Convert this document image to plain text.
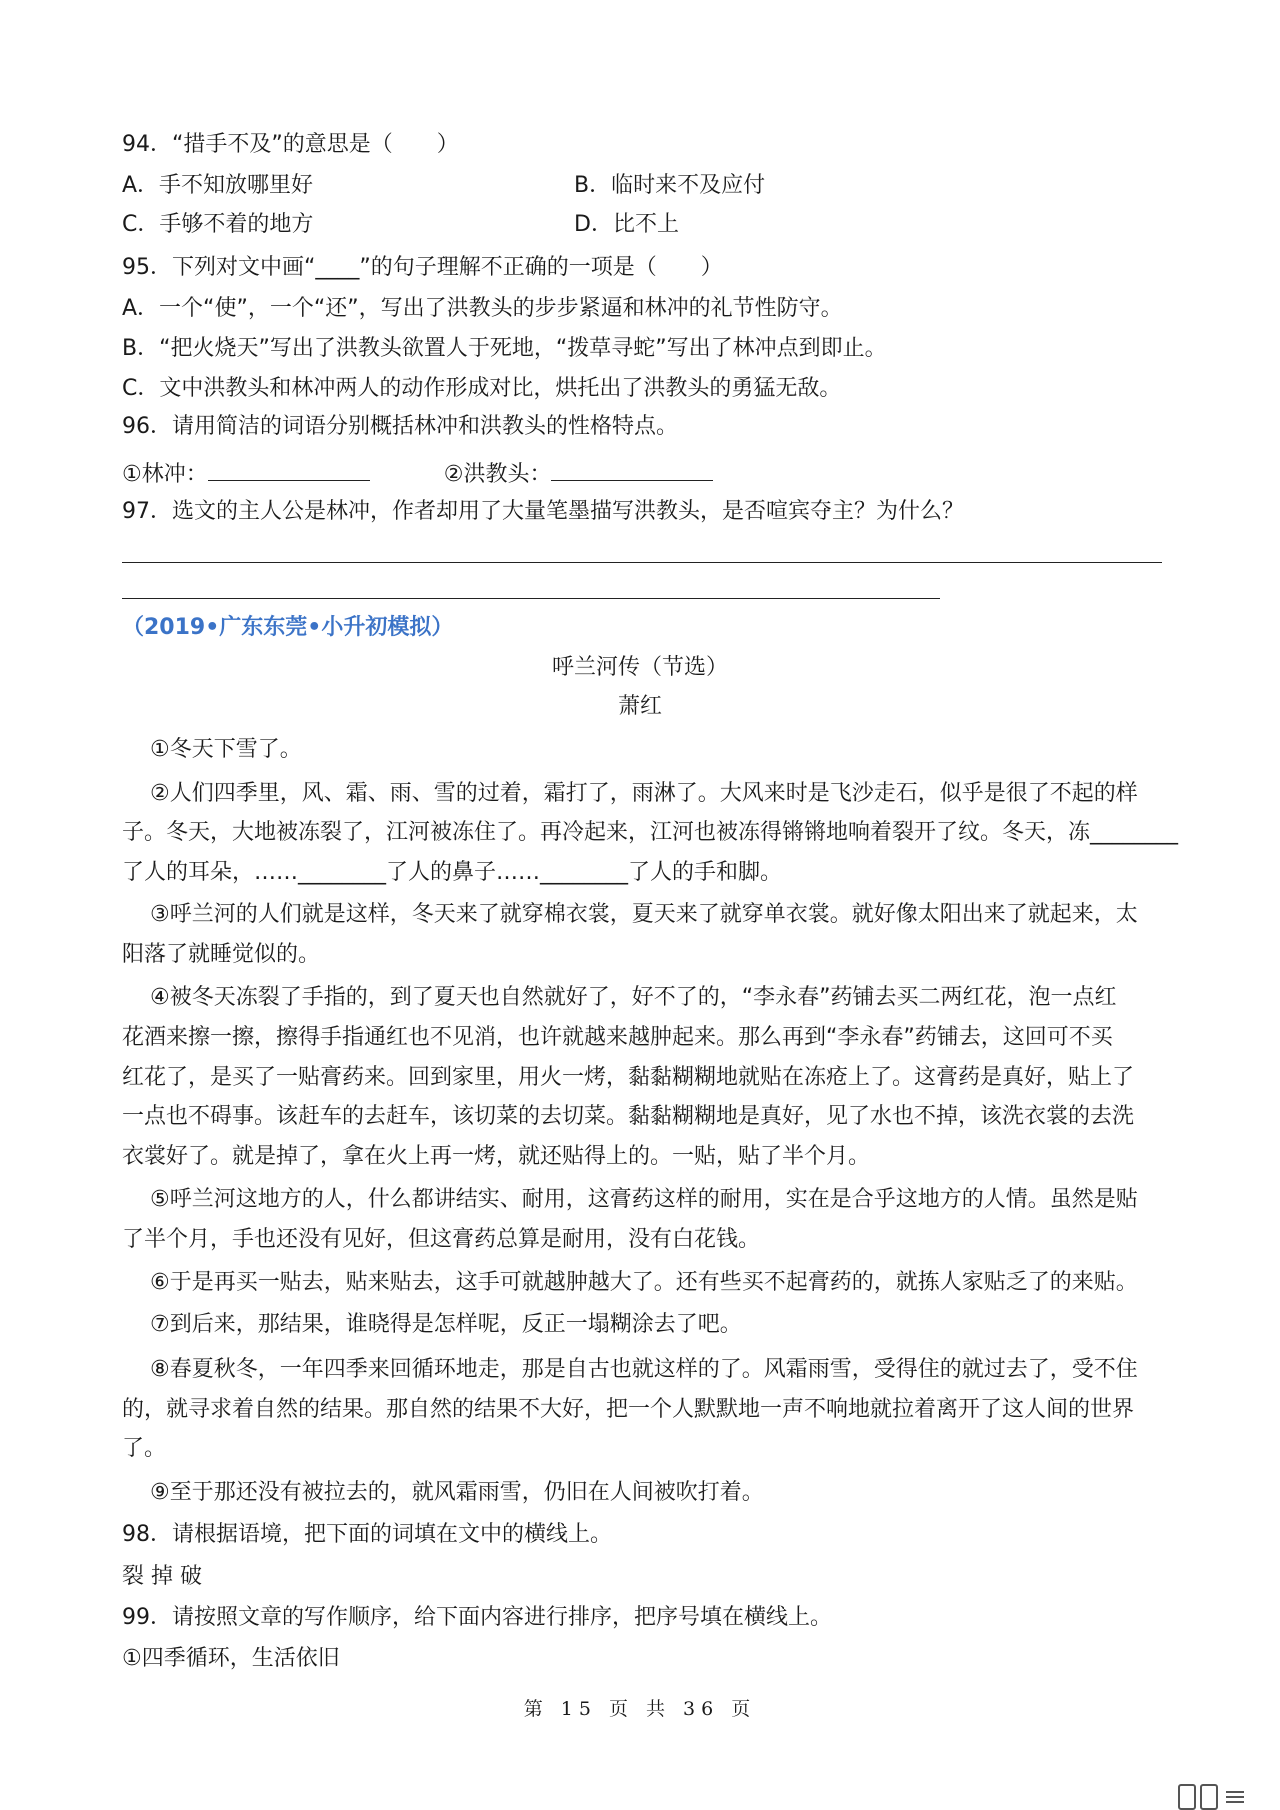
94．“措手不及”的意思是（　　）
A．手不知放哪里好	B．临时来不及应付
C．手够不着的地方	D．比不上
95．下列对文中画“____”的句子理解不正确的一项是（　　）
A．一个“使”，一个“还”，写出了洪教头的步步紧逼和林冲的礼节性防守。
B．“把火烧天”写出了洪教头欲置人于死地，“拨草寻蛇”写出了林冲点到即止。
C．文中洪教头和林冲两人的动作形成对比，烘托出了洪教头的勇猛无敌。
96．请用简洁的词语分别概括林冲和洪教头的性格特点。
①林冲：	②洪教头：
97．选文的主人公是林冲，作者却用了大量笔墨描写洪教头，是否喧宾夺主？为什么？
（2019•广东东莞•小升初模拟）
呼兰河传（节选）
萧红
①冬天下雪了。
②人们四季里，风、霜、雨、雪的过着，霜打了，雨淋了。大风来时是飞沙走石，似乎是很了不起的样
子。冬天，大地被冻裂了，江河被冻住了。再冷起来，江河也被冻得锵锵地响着裂开了纹。冬天，冻________
了人的耳朵，……________了人的鼻子……________了人的手和脚。
③呼兰河的人们就是这样，冬天来了就穿棉衣裳，夏天来了就穿单衣裳。就好像太阳出来了就起来，太
阳落了就睡觉似的。
④被冬天冻裂了手指的，到了夏天也自然就好了，好不了的，“李永春”药铺去买二两红花，泡一点红
花酒来擦一擦，擦得手指通红也不见消，也许就越来越肿起来。那么再到“李永春”药铺去，这回可不买
红花了，是买了一贴膏药来。回到家里，用火一烤，黏黏糊糊地就贴在冻疮上了。这膏药是真好，贴上了
一点也不碍事。该赶车的去赶车，该切菜的去切菜。黏黏糊糊地是真好，见了水也不掉，该洗衣裳的去洗
衣裳好了。就是掉了，拿在火上再一烤，就还贴得上的。一贴，贴了半个月。
⑤呼兰河这地方的人，什么都讲结实、耐用，这膏药这样的耐用，实在是合乎这地方的人情。虽然是贴
了半个月，手也还没有见好，但这膏药总算是耐用，没有白花钱。
⑥于是再买一贴去，贴来贴去，这手可就越肿越大了。还有些买不起膏药的，就拣人家贴乏了的来贴。
⑦到后来，那结果，谁晓得是怎样呢，反正一塌糊涂去了吧。
⑧春夏秋冬，一年四季来回循环地走，那是自古也就这样的了。风霜雨雪，受得住的就过去了，受不住
的，就寻求着自然的结果。那自然的结果不大好，把一个人默默地一声不响地就拉着离开了这人间的世界
了。
⑨至于那还没有被拉去的，就风霜雨雪，仍旧在人间被吹打着。
98．请根据语境，把下面的词填在文中的横线上。
裂 掉 破
99．请按照文章的写作顺序，给下面内容进行排序，把序号填在横线上。
①四季循环，生活依旧
第 15 页 共 36 页
